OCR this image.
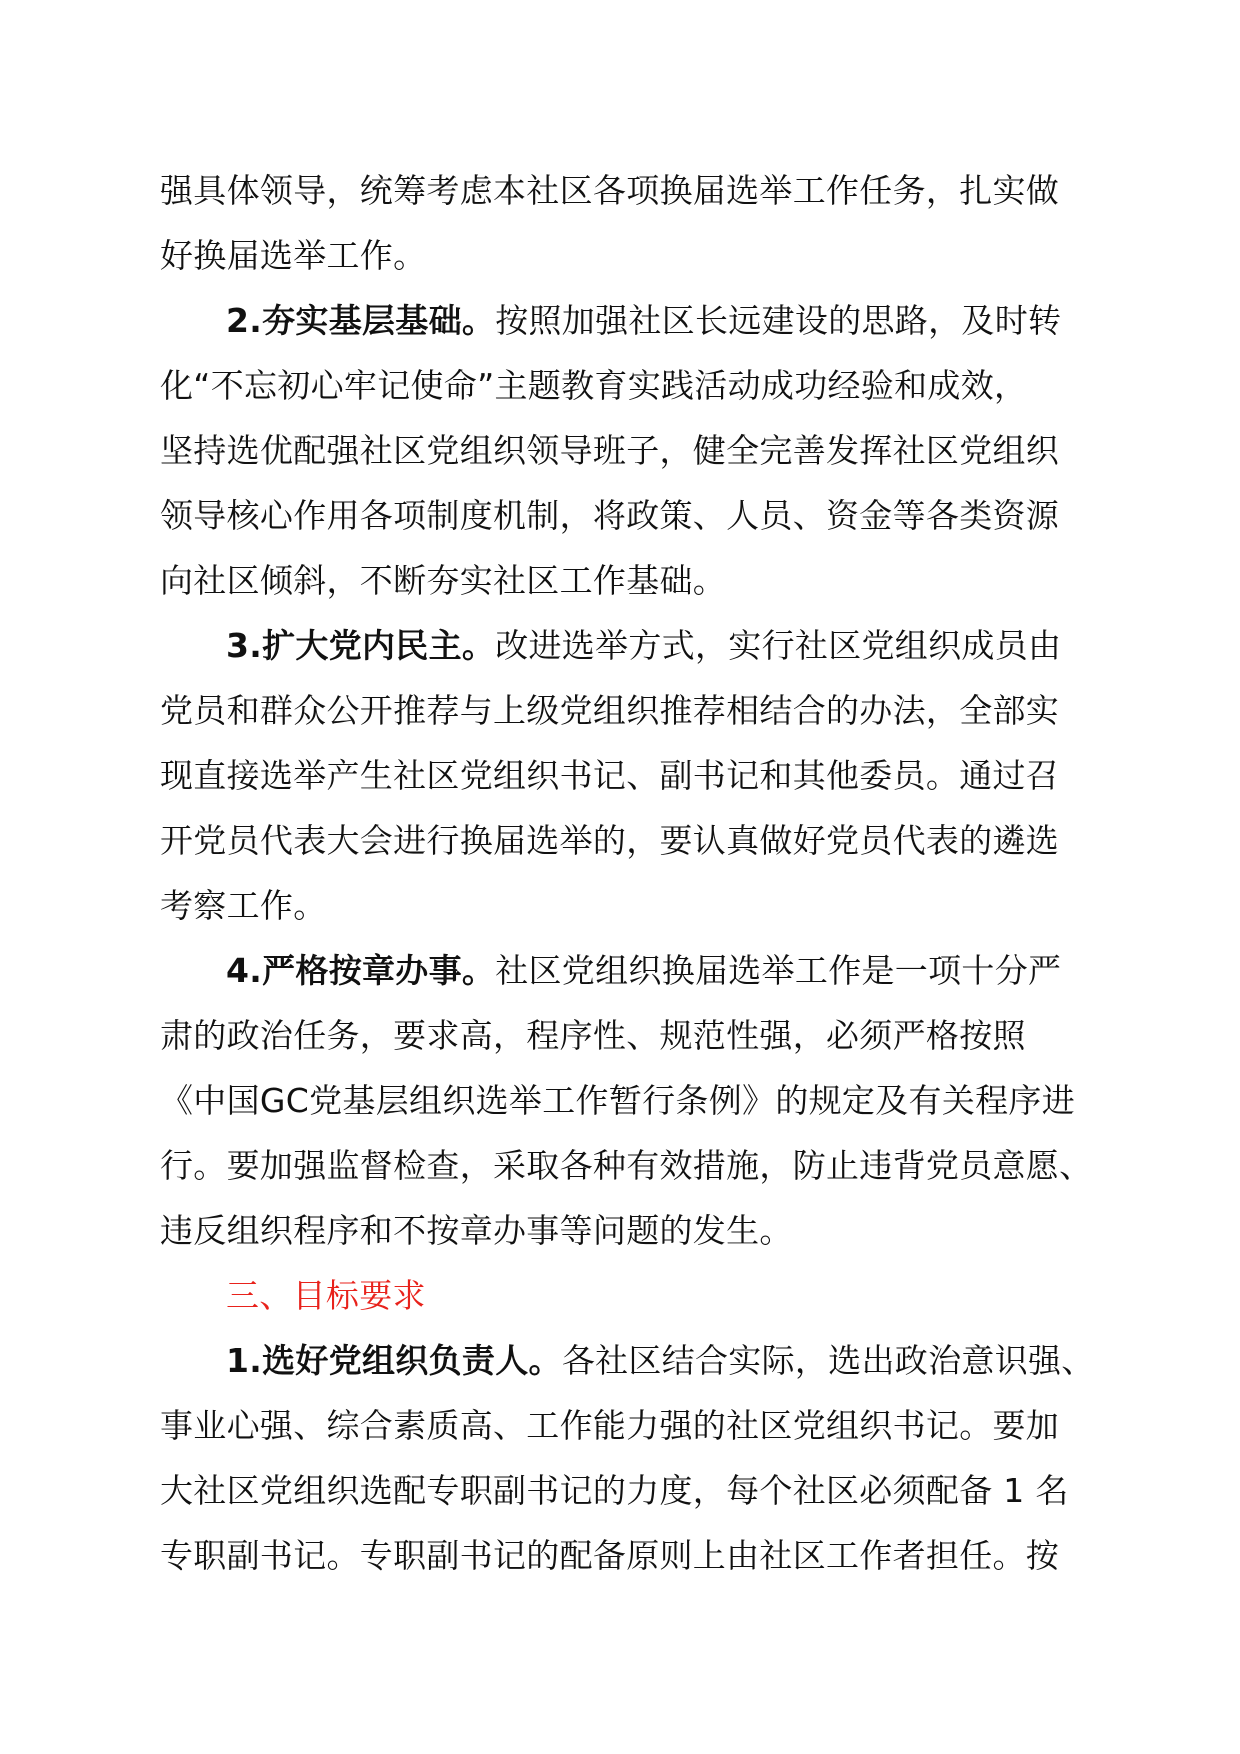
强具体领导，统筹考虑本社区各项换届选举工作任务，扎实做
好换届选举工作。
2.夯实基层基础。按照加强社区长远建设的思路，及时转
化“不忘初心牢记使命”主题教育实践活动成功经验和成效，
坚持选优配强社区党组织领导班子，健全完善发挥社区党组织
领导核心作用各项制度机制，将政策、人员、资金等各类资源
向社区倾斜，不断夯实社区工作基础。
3.扩大党内民主。改进选举方式，实行社区党组织成员由
党员和群众公开推荐与上级党组织推荐相结合的办法，全部实
现直接选举产生社区党组织书记、副书记和其他委员。通过召
开党员代表大会进行换届选举的，要认真做好党员代表的遴选
考察工作。
4.严格按章办事。社区党组织换届选举工作是一项十分严
肃的政治任务，要求高，程序性、规范性强，必须严格按照
《中国GC党基层组织选举工作暂行条例》的规定及有关程序进
行。要加强监督检查，采取各种有效措施，防止违背党员意愿、
违反组织程序和不按章办事等问题的发生。
三、目标要求
1.选好党组织负责人。各社区结合实际，选出政治意识强、
事业心强、综合素质高、工作能力强的社区党组织书记。要加
大社区党组织选配专职副书记的力度，每个社区必须配备 1 名
专职副书记。专职副书记的配备原则上由社区工作者担任。按
